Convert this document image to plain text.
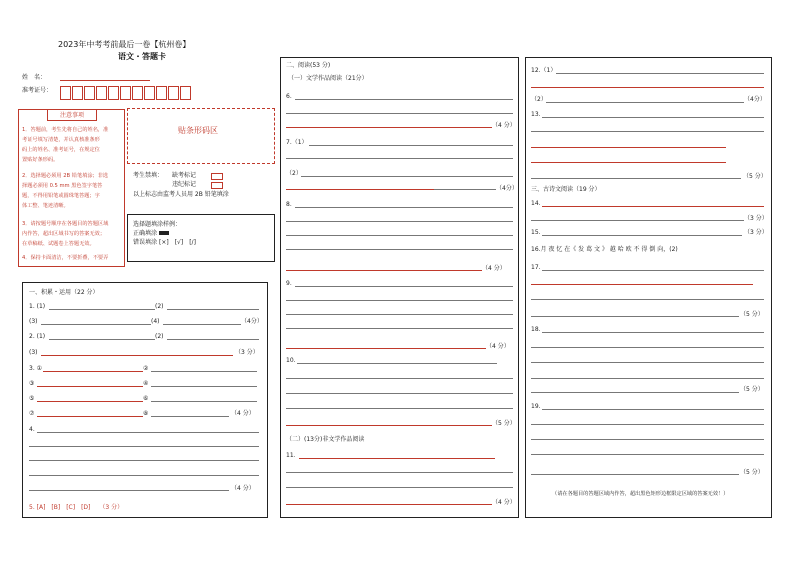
2023年中考考前最后一卷【杭州卷】
语文・答题卡
姓　名：
准考证号：
注意事项
1．答题前，考生先将自己的姓名，准
考证号填写清楚，并认真核准条形
码上的姓名、准考证号，在规定位
置贴好条形码。
2．选择题必须用 2B 铅笔填涂；非选
择题必须用 0.5 mm 黑色签字笔答
题，不得用铅笔或圆珠笔答题；字
体工整、笔迹清晰。
3．请按题号顺序在各题目的答题区域
内作答，超出区域书写的答案无效；
在草稿纸、试题卷上答题无效。
4．保持卡面清洁，不要折叠，不要弄
贴条形码区
考生禁填： 缺考标记
违纪标记
以上标志由监考人员用 2B 铅笔填涂
选择题填涂样例：
正确填涂
错误填涂 [×]　[√]　[/]
一、积累・运用（22 分）
1. (1)	(2)
(3)	(4)	（4分）
2. (1)	(2)
(3)	（3 分）
3. ①	②
③	④
⑤	⑥
⑦	⑧	（4 分）
4.
（4 分）
5. [A]　[B]　[C]　[D]　　（3 分）
二、阅读(53 分)
（一）文学作品阅读（21分）
6.
（4 分）
7.（1）
（2）
（4分）
8.
（4 分）
9.
（4 分）
10.
（5 分）
（二）(13分)非文学作品阅读
11．
（4 分）
12.（1）
（2）	（4分）
13.
（5 分）
三、古诗文阅读（19 分）
14.
（3 分）
15.	（3 分）
16.月 夜 忆 在《 发 葛 文 》 越 哈 欧 不 得 倒 向，(2)
17.
（5 分）
18.
（5 分）
19.
（5 分）
（请在各题目的答题区域内作答，超出黑色矩形边框限定区域的答案无效！）
